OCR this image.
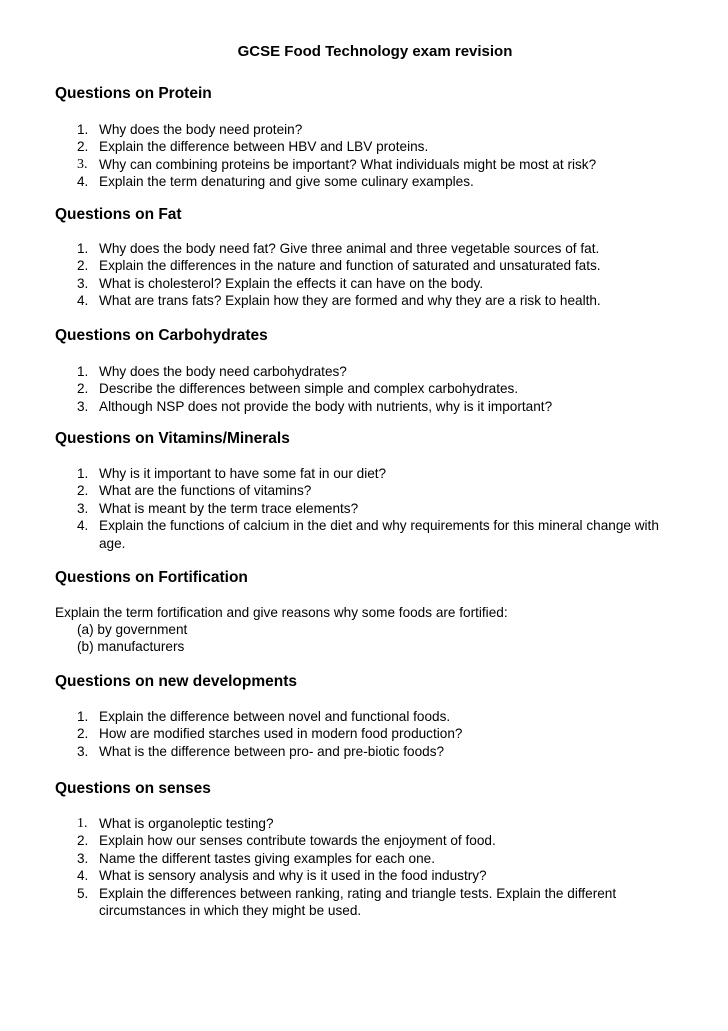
GCSE Food Technology exam revision
Questions on Protein
1. Why does the body need protein?
2. Explain the difference between HBV and LBV proteins.
3. Why can combining proteins be important? What individuals might be most at risk?
4. Explain the term denaturing and give some culinary examples.
Questions on Fat
1. Why does the body need fat? Give three animal and three vegetable sources of fat.
2. Explain the differences in the nature and function of saturated and unsaturated fats.
3. What is cholesterol? Explain the effects it can have on the body.
4. What are trans fats? Explain how they are formed and why they are a risk to health.
Questions on Carbohydrates
1. Why does the body need carbohydrates?
2. Describe the differences between simple and complex carbohydrates.
3. Although NSP does not provide the body with nutrients, why is it important?
Questions on Vitamins/Minerals
1. Why is it important to have some fat in our diet?
2. What are the functions of vitamins?
3. What is meant by the term trace elements?
4. Explain the functions of calcium in the diet and why requirements for this mineral change with age.
Questions on Fortification
Explain the term fortification and give reasons why some foods are fortified:
(a) by government
(b) manufacturers
Questions on new developments
1. Explain the difference between novel and functional foods.
2. How are modified starches used in modern food production?
3. What is the difference between pro- and pre-biotic foods?
Questions on senses
1. What is organoleptic testing?
2. Explain how our senses contribute towards the enjoyment of food.
3. Name the different tastes giving examples for each one.
4. What is sensory analysis and why is it used in the food industry?
5. Explain the differences between ranking, rating and triangle tests. Explain the different circumstances in which they might be used.
